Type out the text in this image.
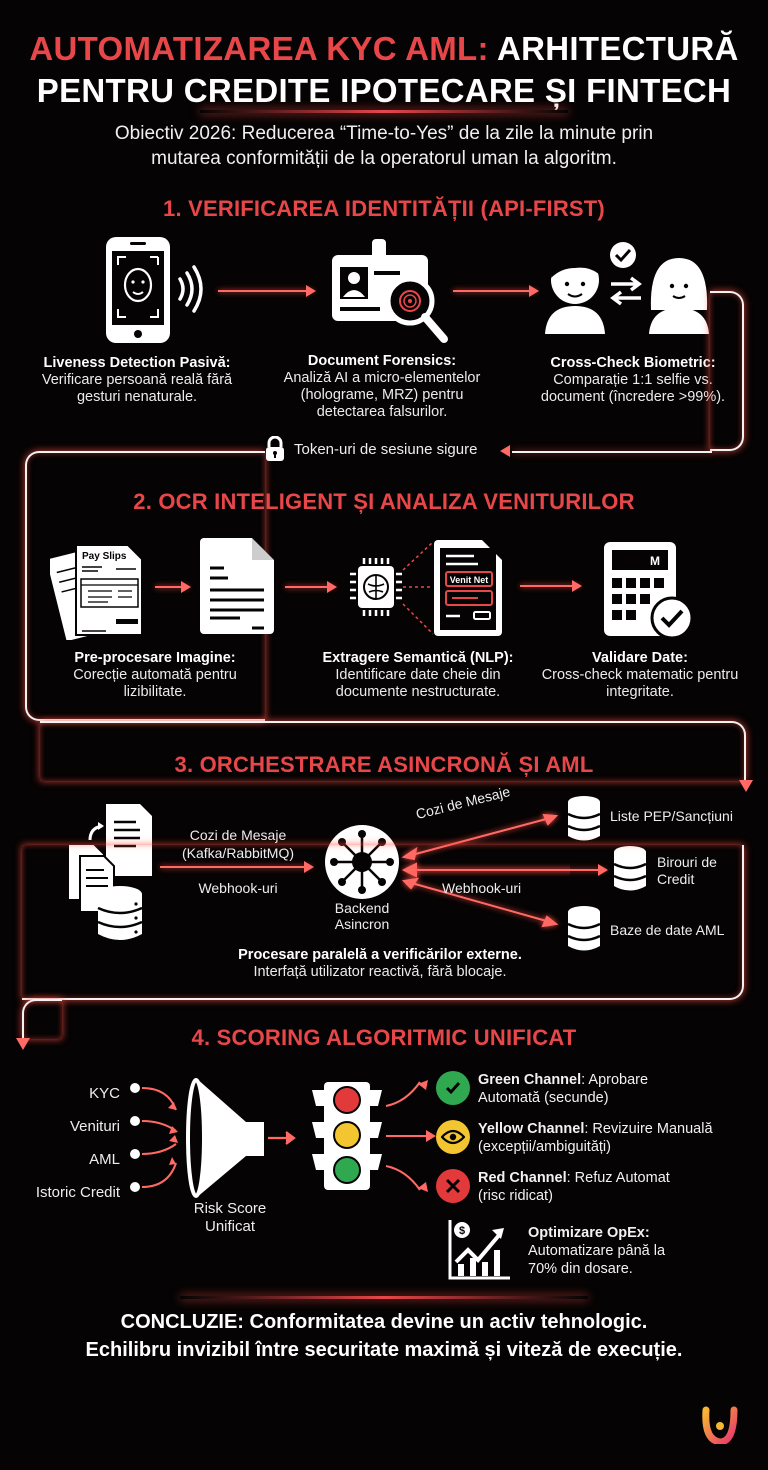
AUTOMATIZAREA KYC AML: ARHITECTURĂ
PENTRU CREDITE IPOTECARE ȘI FINTECH
Obiectiv 2026: Reducerea “Time-to-Yes” de la zile la minute prin
mutarea conformității de la operatorul uman la algoritm.
1. VERIFICAREA IDENTITĂȚII (API-FIRST)
Liveness Detection Pasivă:
Verificare persoană reală fără gesturi nenaturale.
Document Forensics:
Analiză AI a micro-elementelor (holograme, MRZ) pentru detectarea falsurilor.
Cross-Check Biometric:
Comparație 1:1 selfie vs. document (încredere >99%).
Token-uri de sesiune sigure
2. OCR INTELIGENT ȘI ANALIZA VENITURILOR
Pay Slips
Venit Net
M
Pre-procesare Imagine:
Corecție automată pentru lizibilitate.
Extragere Semantică (NLP):
Identificare date cheie din documente nestructurate.
Validare Date:
Cross-check matematic pentru integritate.
3. ORCHESTRARE ASINCRONĂ ȘI AML
Cozi de Mesaje
(Kafka/RabbitMQ)
Webhook-uri
Backend
Asincron
Cozi de Mesaje
Webhook-uri
Liste PEP/Sancțiuni
Birouri de
Credit
Baze de date AML
Procesare paralelă a verificărilor externe.
Interfață utilizator reactivă, fără blocaje.
4. SCORING ALGORITMIC UNIFICAT
KYC
Venituri
AML
Istoric Credit
Risk Score
Unificat
Green Channel: Aprobare
Automată (secunde)
Yellow Channel: Revizuire Manuală
(excepții/ambiguități)
Red Channel: Refuz Automat
(risc ridicat)
$	Optimizare OpEx:
Automatizare până la
70% din dosare.
CONCLUZIE: Conformitatea devine un activ tehnologic.
Echilibru invizibil între securitate maximă și viteză de execuție.
